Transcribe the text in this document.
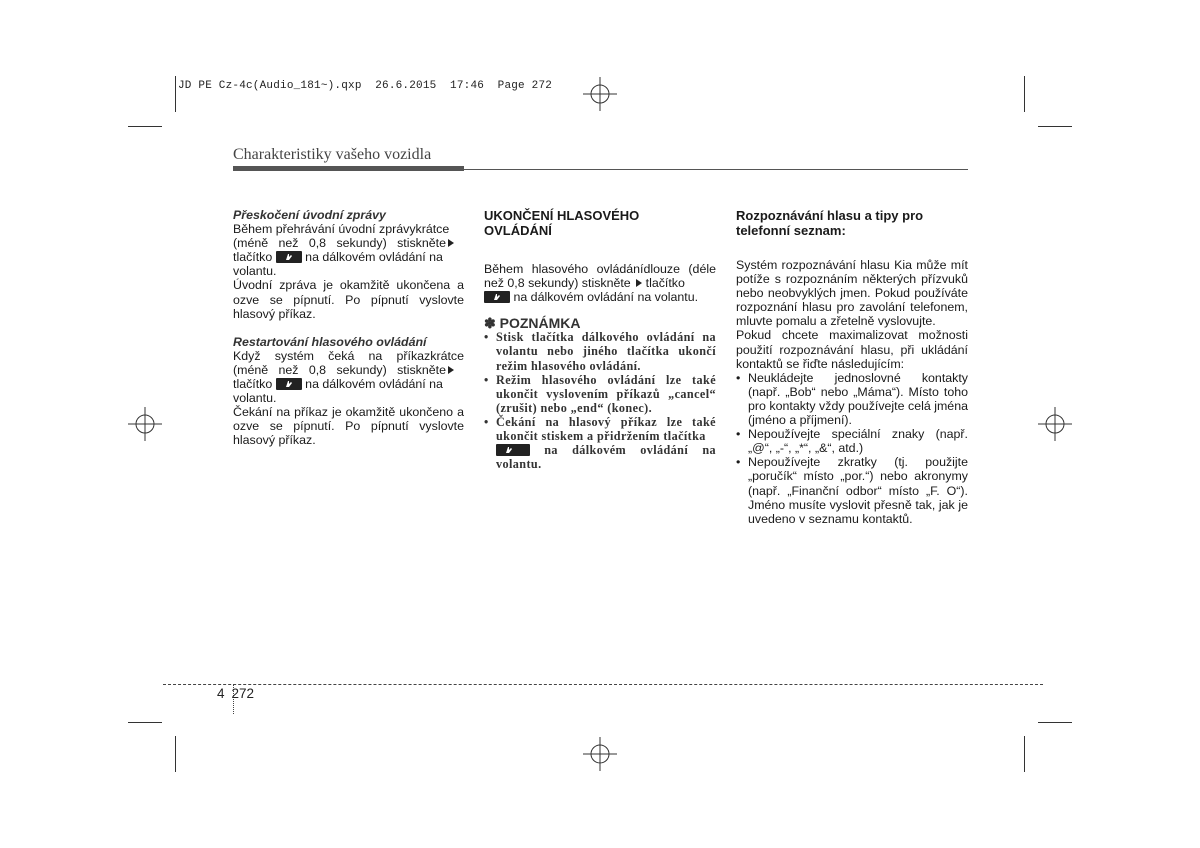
JD PE Cz-4c(Audio_181~).qxp  26.6.2015  17:46  Page 272
Charakteristiky vašeho vozidla

Přeskočení úvodní zprávy

Během přehrávání úvodní zprávykrátce

(méně než 0,8 sekundy) stiskněte

tlačítko	na dálkovém ovládání na

volantu.

Úvodní zpráva je okamžitě ukončena a ozve se pípnutí. Po pípnutí vyslovte hlasový příkaz.

Restartování hlasového ovládání

Když systém čeká na příkazkrátce

(méně než 0,8 sekundy) stiskněte

tlačítko	na dálkovém ovládání na

volantu.

Čekání na příkaz je okamžitě ukončeno a ozve se pípnutí. Po pípnutí vyslovte hlasový příkaz.

UKONČENÍ HLASOVÉHO OVLÁDÁNÍ

Během hlasového ovládánídlouze (déle

než 0,8 sekundy) stiskněte tlačítko

na dálkovém ovládání na volantu.

✽ POZNÁMKA

• Stisk tlačítka dálkového ovládání na volantu nebo jiného tlačítka ukončí režim hlasového ovládání.
• Režim hlasového ovládání lze také ukončit vyslovením příkazů „cancel“ (zrušit) nebo „end“ (konec).
• Čekání na hlasový příkaz lze také ukončit stiskem a přidržením tlačítka

na dálkovém ovládání na volantu.

Rozpoznávání hlasu a tipy pro telefonní seznam:

Systém rozpoznávání hlasu Kia může mít potíže s rozpoznáním některých přízvuků nebo neobvyklých jmen. Pokud používáte rozpoznání hlasu pro zavolání telefonem, mluvte pomalu a zřetelně vyslovujte.

Pokud chcete maximalizovat možnosti použití rozpoznávání hlasu, při ukládání kontaktů se řiďte následujícím:

• Neukládejte jednoslovné kontakty (např. „Bob“ nebo „Máma“). Místo toho pro kontakty vždy používejte celá jména (jméno a příjmení).
• Nepoužívejte speciální znaky (např. „@“, „-“, „*“, „&“, atd.)
• Nepoužívejte zkratky (tj. použijte „poručík“ místo „por.“) nebo akronymy (např. „Finanční odbor“ místo „F. O“). Jméno musíte vyslovit přesně tak, jak je uvedeno v seznamu kontaktů.
4 272
